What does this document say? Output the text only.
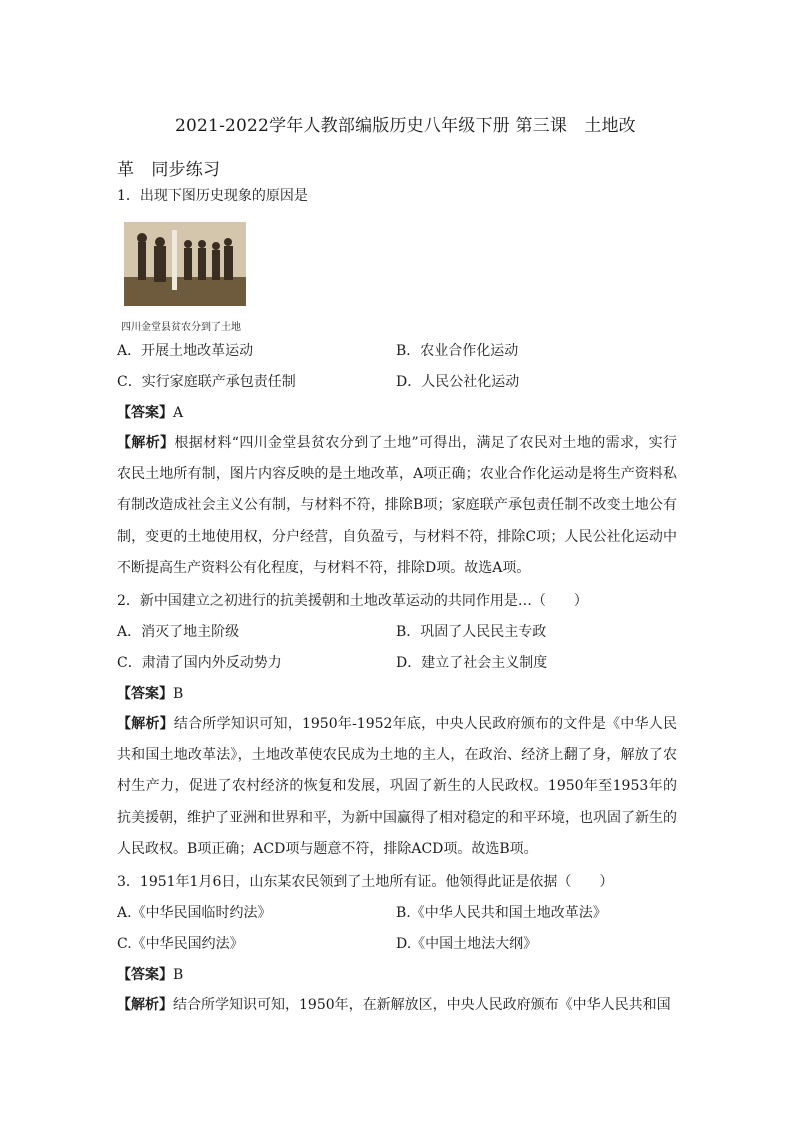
2021-2022学年人教部编版历史八年级下册 第三课　土地改
革　同步练习
1．出现下图历史现象的原因是
四川金堂县贫农分到了土地
A．开展土地改革运动	B．农业合作化运动
C．实行家庭联产承包责任制	D．人民公社化运动
【答案】A
【解析】根据材料“四川金堂县贫农分到了土地”可得出，满足了农民对土地的需求，实行农民土地所有制，图片内容反映的是土地改革，A项正确；农业合作化运动是将生产资料私有制改造成社会主义公有制，与材料不符，排除B项；家庭联产承包责任制不改变土地公有制，变更的土地使用权，分户经营，自负盈亏，与材料不符，排除C项；人民公社化运动中不断提高生产资料公有化程度，与材料不符，排除D项。故选A项。
2．新中国建立之初进行的抗美援朝和土地改革运动的共同作用是…（　　）
A．消灭了地主阶级	B．巩固了人民民主专政
C．肃清了国内外反动势力	D．建立了社会主义制度
【答案】B
【解析】结合所学知识可知，1950年-1952年底，中央人民政府颁布的文件是《中华人民共和国土地改革法》，土地改革使农民成为土地的主人，在政治、经济上翻了身，解放了农村生产力，促进了农村经济的恢复和发展，巩固了新生的人民政权。1950年至1953年的抗美援朝，维护了亚洲和世界和平，为新中国赢得了相对稳定的和平环境，也巩固了新生的人民政权。B项正确；ACD项与题意不符，排除ACD项。故选B项。
3．1951年1月6日，山东某农民领到了土地所有证。他领得此证是依据（　　）
A.《中华民国临时约法》	B.《中华人民共和国土地改革法》
C.《中华民国约法》	D.《中国土地法大纲》
【答案】B
【解析】结合所学知识可知，1950年，在新解放区，中央人民政府颁布《中华人民共和国
